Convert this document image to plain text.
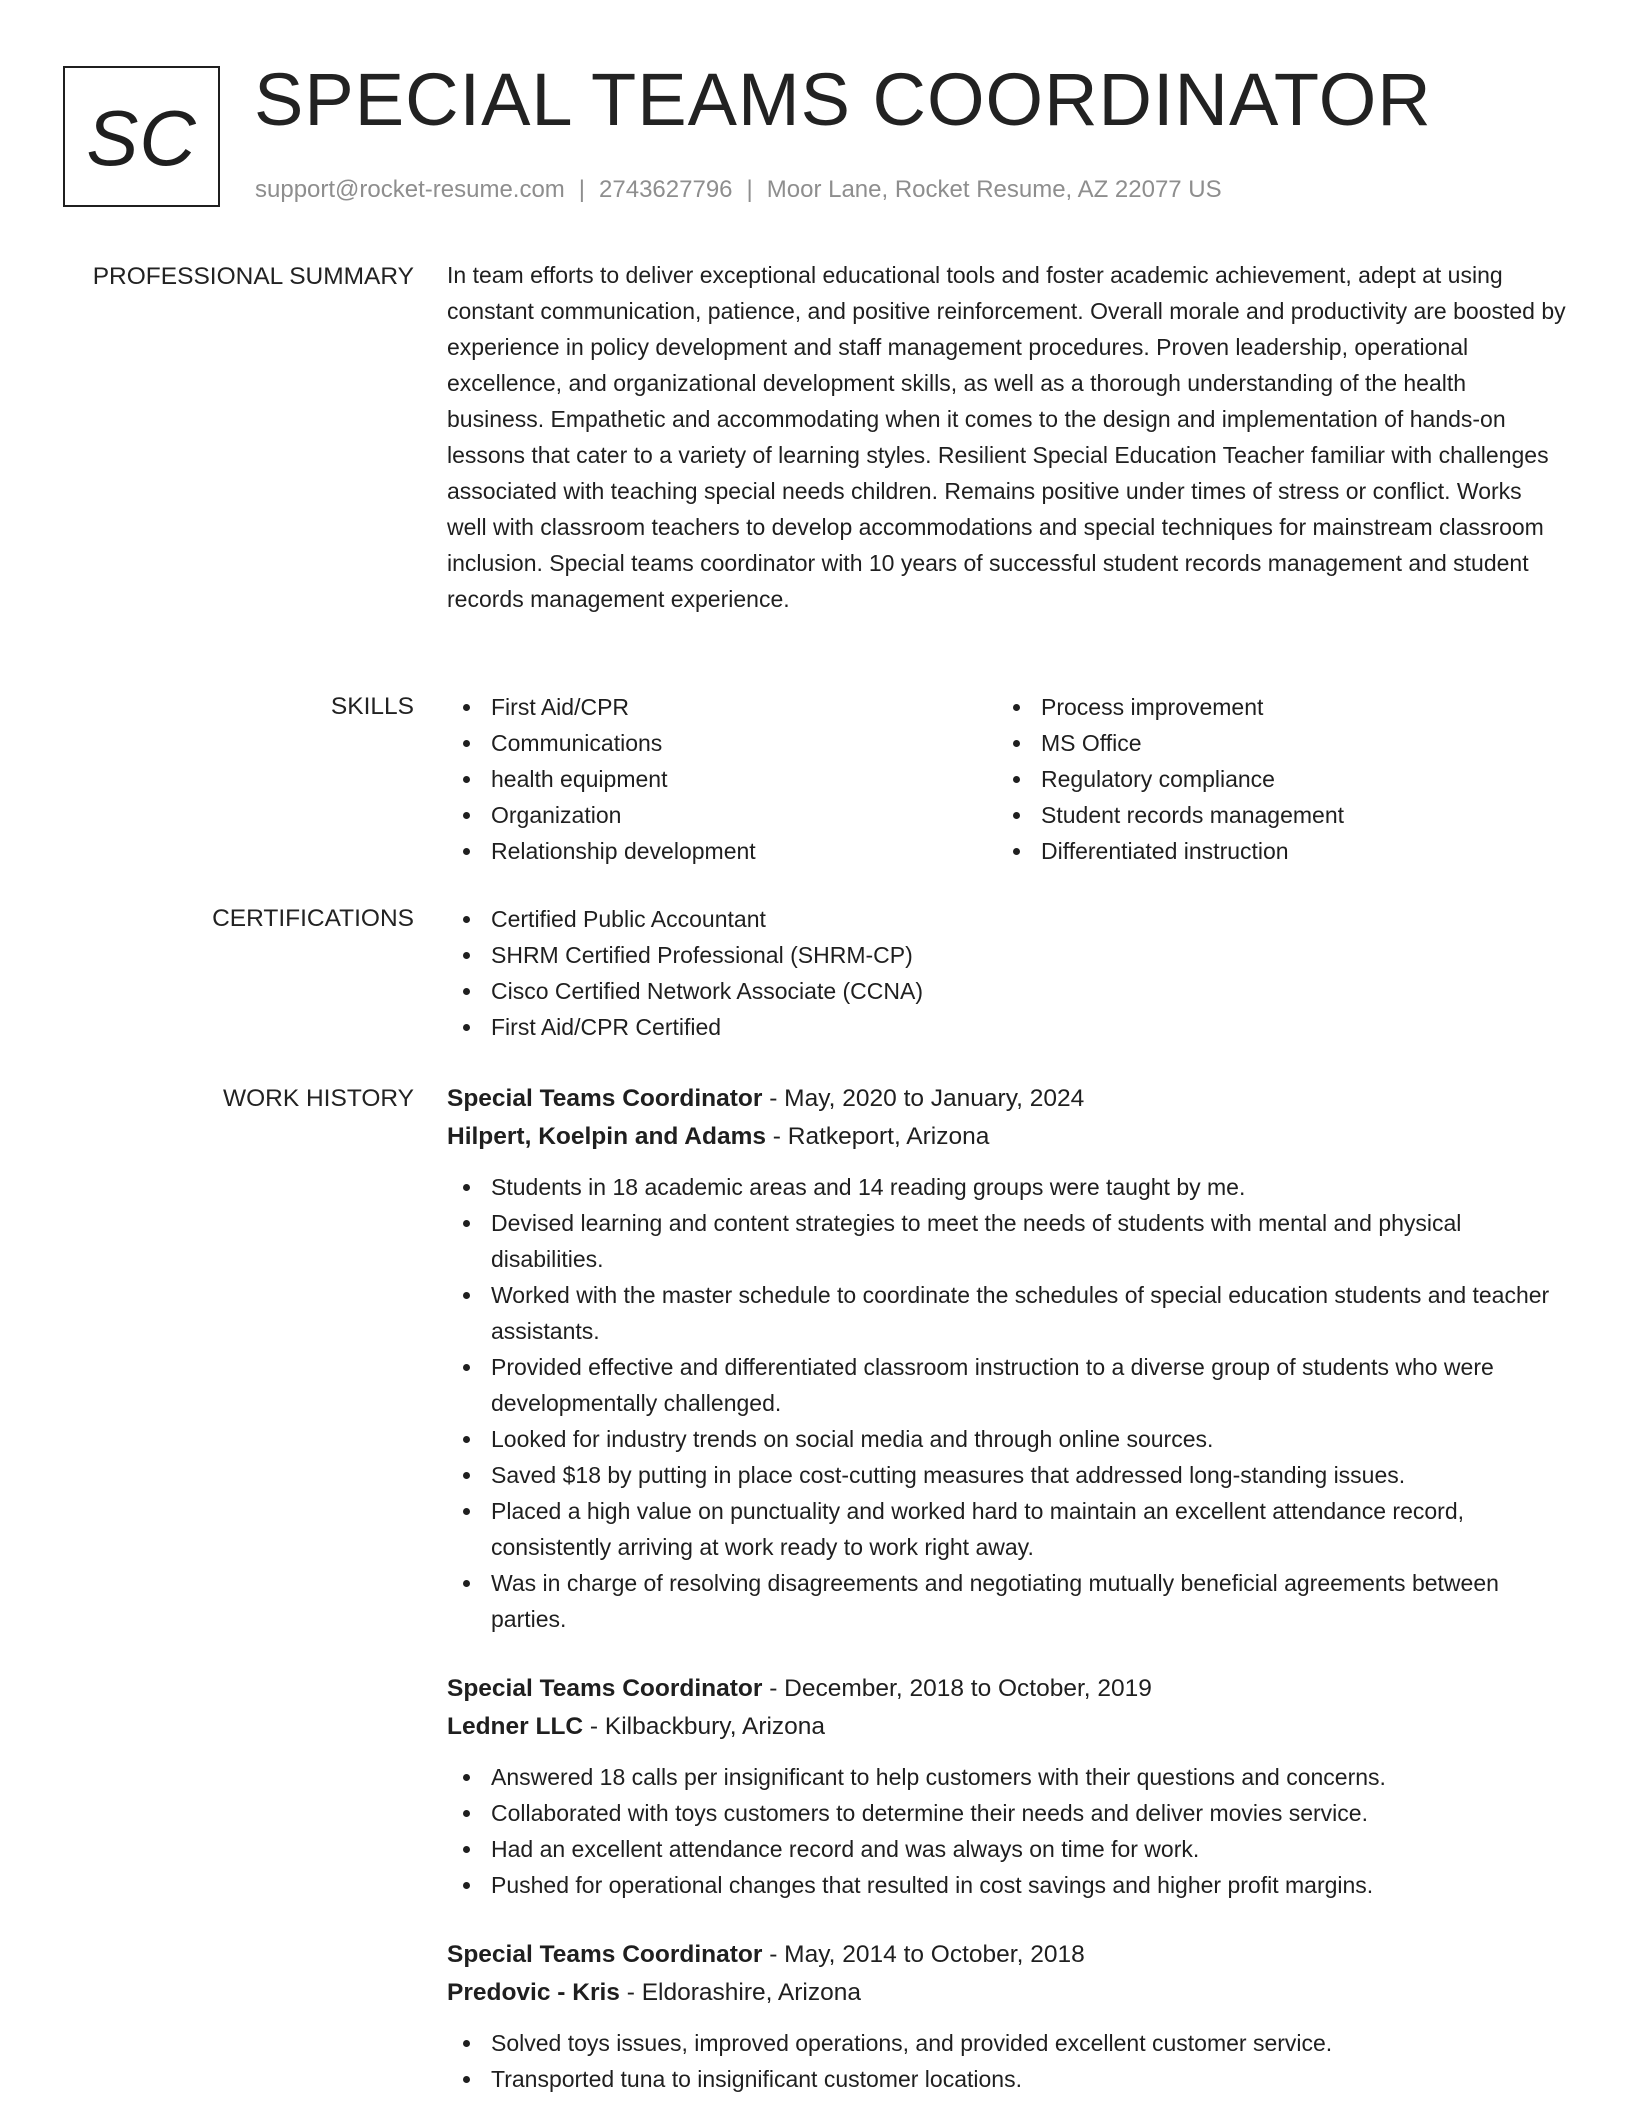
SC SPECIAL TEAMS COORDINATOR
support@rocket-resume.com | 2743627796 | Moor Lane, Rocket Resume, AZ 22077 US
PROFESSIONAL SUMMARY In team efforts to deliver exceptional educational tools and foster academic achievement, adept at using constant communication, patience, and positive reinforcement. Overall morale and productivity are boosted by experience in policy development and staff management procedures. Proven leadership, operational excellence, and organizational development skills, as well as a thorough understanding of the health business. Empathetic and accommodating when it comes to the design and implementation of hands-on lessons that cater to a variety of learning styles. Resilient Special Education Teacher familiar with challenges associated with teaching special needs children. Remains positive under times of stress or conflict. Works well with classroom teachers to develop accommodations and special techniques for mainstream classroom inclusion. Special teams coordinator with 10 years of successful student records management and student records management experience.

SKILLS	First Aid/CPR
Communications
health equipment
Organization
Relationship development
Process improvement
MS Office
Regulatory compliance
Student records management
Differentiated instruction
CERTIFICATIONS	Certified Public Accountant
SHRM Certified Professional (SHRM-CP)
Cisco Certified Network Associate (CCNA)
First Aid/CPR Certified
WORK HISTORY Special Teams Coordinator - May, 2020 to January, 2024
Hilpert, Koelpin and Adams - Ratkeport, Arizona
Students in 18 academic areas and 14 reading groups were taught by me.
Devised learning and content strategies to meet the needs of students with mental and physical disabilities.
Worked with the master schedule to coordinate the schedules of special education students and teacher assistants.
Provided effective and differentiated classroom instruction to a diverse group of students who were developmentally challenged.
Looked for industry trends on social media and through online sources.
Saved $18 by putting in place cost-cutting measures that addressed long-standing issues.
Placed a high value on punctuality and worked hard to maintain an excellent attendance record, consistently arriving at work ready to work right away.
Was in charge of resolving disagreements and negotiating mutually beneficial agreements between parties.
Special Teams Coordinator - December, 2018 to October, 2019
Ledner LLC - Kilbackbury, Arizona
Answered 18 calls per insignificant to help customers with their questions and concerns.
Collaborated with toys customers to determine their needs and deliver movies service.
Had an excellent attendance record and was always on time for work.
Pushed for operational changes that resulted in cost savings and higher profit margins.
Special Teams Coordinator - May, 2014 to October, 2018
Predovic - Kris - Eldorashire, Arizona
Solved toys issues, improved operations, and provided excellent customer service.
Transported tuna to insignificant customer locations.
